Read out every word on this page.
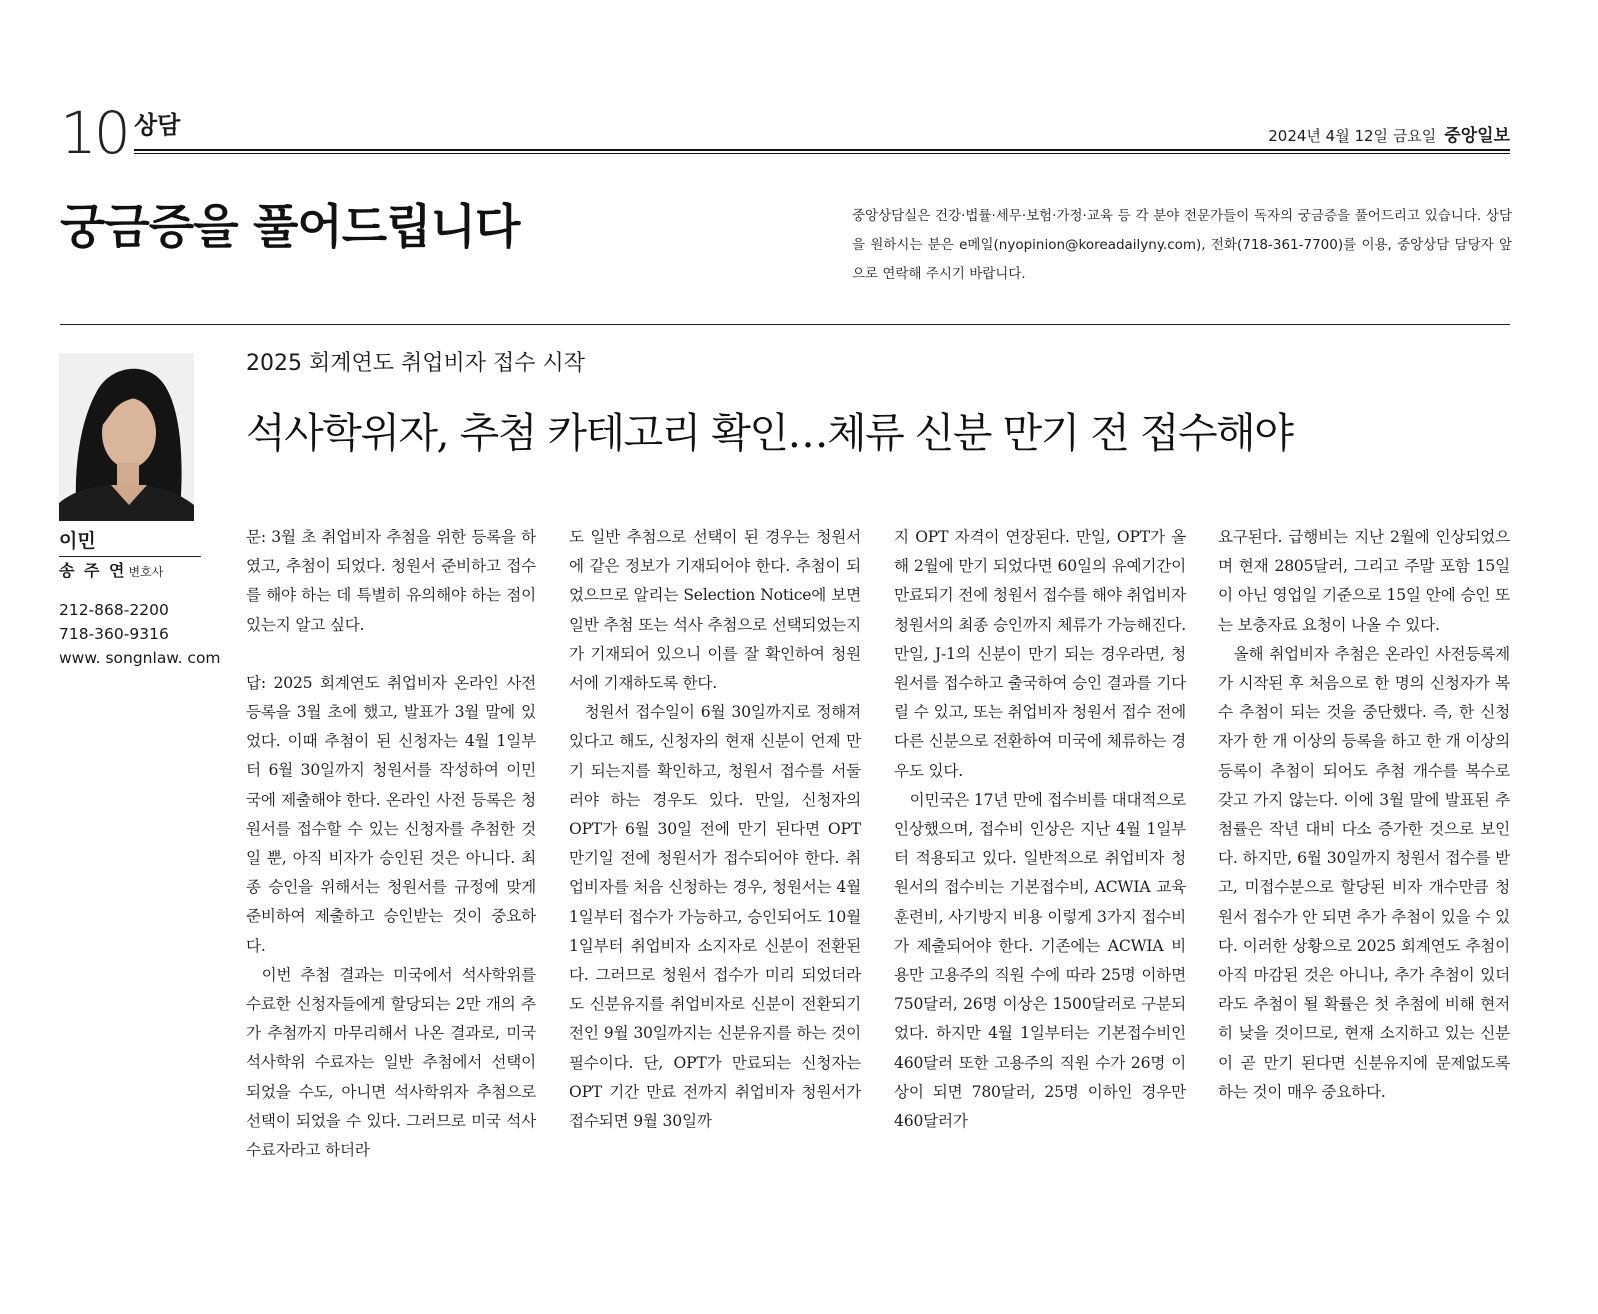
10 상담	2024년 4월 12일 금요일 중앙일보
궁금증을 풀어드립니다	중앙상담실은 건강·법률·세무·보험·가정·교육 등 각 분야 전문가들이 독자의 궁금증을 풀어드리고 있습니다. 상담을 원하시는 분은 e메일(nyopinion@koreadailyny.com), 전화(718-361-7700)를 이용, 중앙상담 담당자 앞으로 연락해 주시기 바랍니다.
2025 회계연도 취업비자 접수 시작
석사학위자, 추첨 카테고리 확인…체류 신분 만기 전 접수해야
이민
송 주 연 변호사
212-868-2200
718-360-9316
www. songnlaw. com

문: 3월 초 취업비자 추첨을 위한 등록을 하였고, 추첨이 되었다. 청원서 준비하고 접수를 해야 하는 데 특별히 유의해야 하는 점이 있는지 알고 싶다.

답: 2025 회계연도 취업비자 온라인 사전등록을 3월 초에 했고, 발표가 3월 말에 있었다. 이때 추첨이 된 신청자는 4월 1일부터 6월 30일까지 청원서를 작성하여 이민국에 제출해야 한다. 온라인 사전 등록은 청원서를 접수할 수 있는 신청자를 추첨한 것일 뿐, 아직 비자가 승인된 것은 아니다. 최종 승인을 위해서는 청원서를 규정에 맞게 준비하여 제출하고 승인받는 것이 중요하다.

이번 추첨 결과는 미국에서 석사학위를 수료한 신청자들에게 할당되는 2만 개의 추가 추첨까지 마무리해서 나온 결과로, 미국 석사학위 수료자는 일반 추첨에서 선택이 되었을 수도, 아니면 석사학위자 추첨으로 선택이 되었을 수 있다. 그러므로 미국 석사 수료자라고 하더라

도 일반 추첨으로 선택이 된 경우는 청원서에 같은 정보가 기재되어야 한다. 추첨이 되었으므로 알리는 Selection Notice에 보면 일반 추첨 또는 석사 추첨으로 선택되었는지가 기재되어 있으니 이를 잘 확인하여 청원서에 기재하도록 한다.

청원서 접수일이 6월 30일까지로 정해져 있다고 해도, 신청자의 현재 신분이 언제 만기 되는지를 확인하고, 청원서 접수를 서둘러야 하는 경우도 있다. 만일, 신청자의 OPT가 6월 30일 전에 만기 된다면 OPT 만기일 전에 청원서가 접수되어야 한다. 취업비자를 처음 신청하는 경우, 청원서는 4월 1일부터 접수가 가능하고, 승인되어도 10월 1일부터 취업비자 소지자로 신분이 전환된다. 그러므로 청원서 접수가 미리 되었더라도 신분유지를 취업비자로 신분이 전환되기 전인 9월 30일까지는 신분유지를 하는 것이 필수이다. 단, OPT가 만료되는 신청자는 OPT 기간 만료 전까지 취업비자 청원서가 접수되면 9월 30일까

지 OPT 자격이 연장된다. 만일, OPT가 올해 2월에 만기 되었다면 60일의 유예기간이 만료되기 전에 청원서 접수를 해야 취업비자 청원서의 최종 승인까지 체류가 가능해진다. 만일, J-1의 신분이 만기 되는 경우라면, 청원서를 접수하고 출국하여 승인 결과를 기다릴 수 있고, 또는 취업비자 청원서 접수 전에 다른 신분으로 전환하여 미국에 체류하는 경우도 있다.

이민국은 17년 만에 접수비를 대대적으로 인상했으며, 접수비 인상은 지난 4월 1일부터 적용되고 있다. 일반적으로 취업비자 청원서의 접수비는 기본접수비, ACWIA 교육훈련비, 사기방지 비용 이렇게 3가지 접수비가 제출되어야 한다. 기존에는 ACWIA 비용만 고용주의 직원 수에 따라 25명 이하면 750달러, 26명 이상은 1500달러로 구분되었다. 하지만 4월 1일부터는 기본접수비인 460달러 또한 고용주의 직원 수가 26명 이상이 되면 780달러, 25명 이하인 경우만 460달러가

요구된다. 급행비는 지난 2월에 인상되었으며 현재 2805달러, 그리고 주말 포함 15일이 아닌 영업일 기준으로 15일 안에 승인 또는 보충자료 요청이 나올 수 있다.

올해 취업비자 추첨은 온라인 사전등록제가 시작된 후 처음으로 한 명의 신청자가 복수 추첨이 되는 것을 중단했다. 즉, 한 신청자가 한 개 이상의 등록을 하고 한 개 이상의 등록이 추첨이 되어도 추첨 개수를 복수로 갖고 가지 않는다. 이에 3월 말에 발표된 추첨률은 작년 대비 다소 증가한 것으로 보인다. 하지만, 6월 30일까지 청원서 접수를 받고, 미접수분으로 할당된 비자 개수만큼 청원서 접수가 안 되면 추가 추첨이 있을 수 있다. 이러한 상황으로 2025 회계연도 추첨이 아직 마감된 것은 아니나, 추가 추첨이 있더라도 추첨이 될 확률은 첫 추첨에 비해 현저히 낮을 것이므로, 현재 소지하고 있는 신분이 곧 만기 된다면 신분유지에 문제없도록 하는 것이 매우 중요하다.
